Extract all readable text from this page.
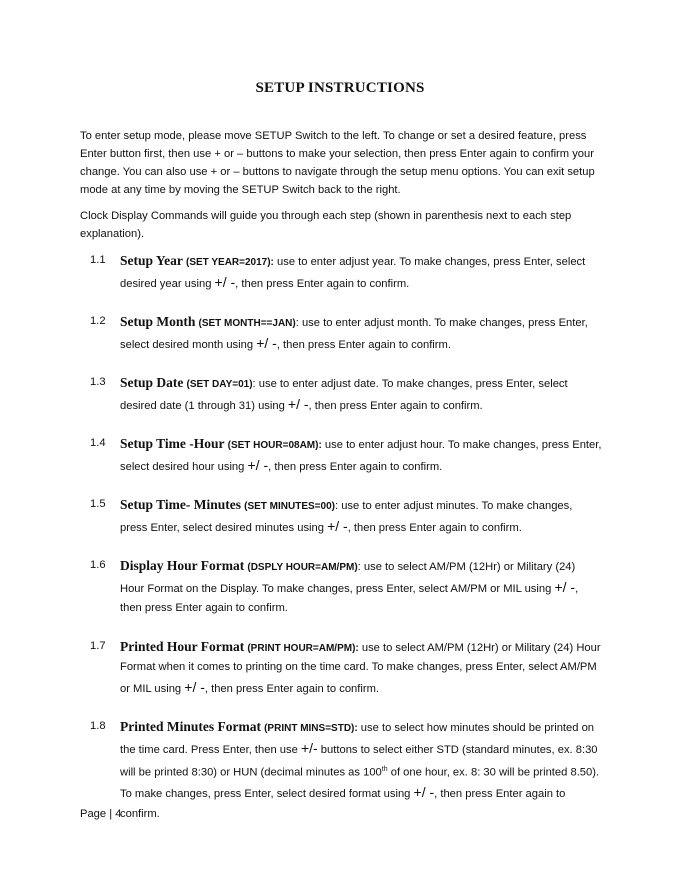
SETUP INSTRUCTIONS

To enter setup mode, please move SETUP Switch to the left. To change or set a desired feature, press Enter button first, then use + or – buttons to make your selection, then press Enter again to confirm your change. You can also use + or – buttons to navigate through the setup menu options. You can exit setup mode at any time by moving the SETUP Switch back to the right.

Clock Display Commands will guide you through each step (shown in parenthesis next to each step explanation).

1.1 Setup Year (SET YEAR=2017): use to enter adjust year. To make changes, press Enter, select desired year using +/ -, then press Enter again to confirm.
1.2 Setup Month (SET MONTH==JAN): use to enter adjust month. To make changes, press Enter, select desired month using +/ -, then press Enter again to confirm.
1.3 Setup Date (SET DAY=01): use to enter adjust date. To make changes, press Enter, select desired date (1 through 31) using +/ -, then press Enter again to confirm.
1.4 Setup Time -Hour (SET HOUR=08AM): use to enter adjust hour. To make changes, press Enter, select desired hour using +/ -, then press Enter again to confirm.
1.5 Setup Time- Minutes (SET MINUTES=00): use to enter adjust minutes. To make changes, press Enter, select desired minutes using +/ -, then press Enter again to confirm.
1.6 Display Hour Format (DSPLY HOUR=AM/PM): use to select AM/PM (12Hr) or Military (24) Hour Format on the Display. To make changes, press Enter, select AM/PM or MIL using +/ -, then press Enter again to confirm.
1.7 Printed Hour Format (PRINT HOUR=AM/PM): use to select AM/PM (12Hr) or Military (24) Hour Format when it comes to printing on the time card. To make changes, press Enter, select AM/PM or MIL using +/ -, then press Enter again to confirm.
1.8 Printed Minutes Format (PRINT MINS=STD): use to select how minutes should be printed on the time card. Press Enter, then use +/- buttons to select either STD (standard minutes, ex. 8:30 will be printed 8:30) or HUN (decimal minutes as 100th of one hour, ex. 8: 30 will be printed 8.50). To make changes, press Enter, select desired format using +/ -, then press Enter again to confirm.
Page | 4
